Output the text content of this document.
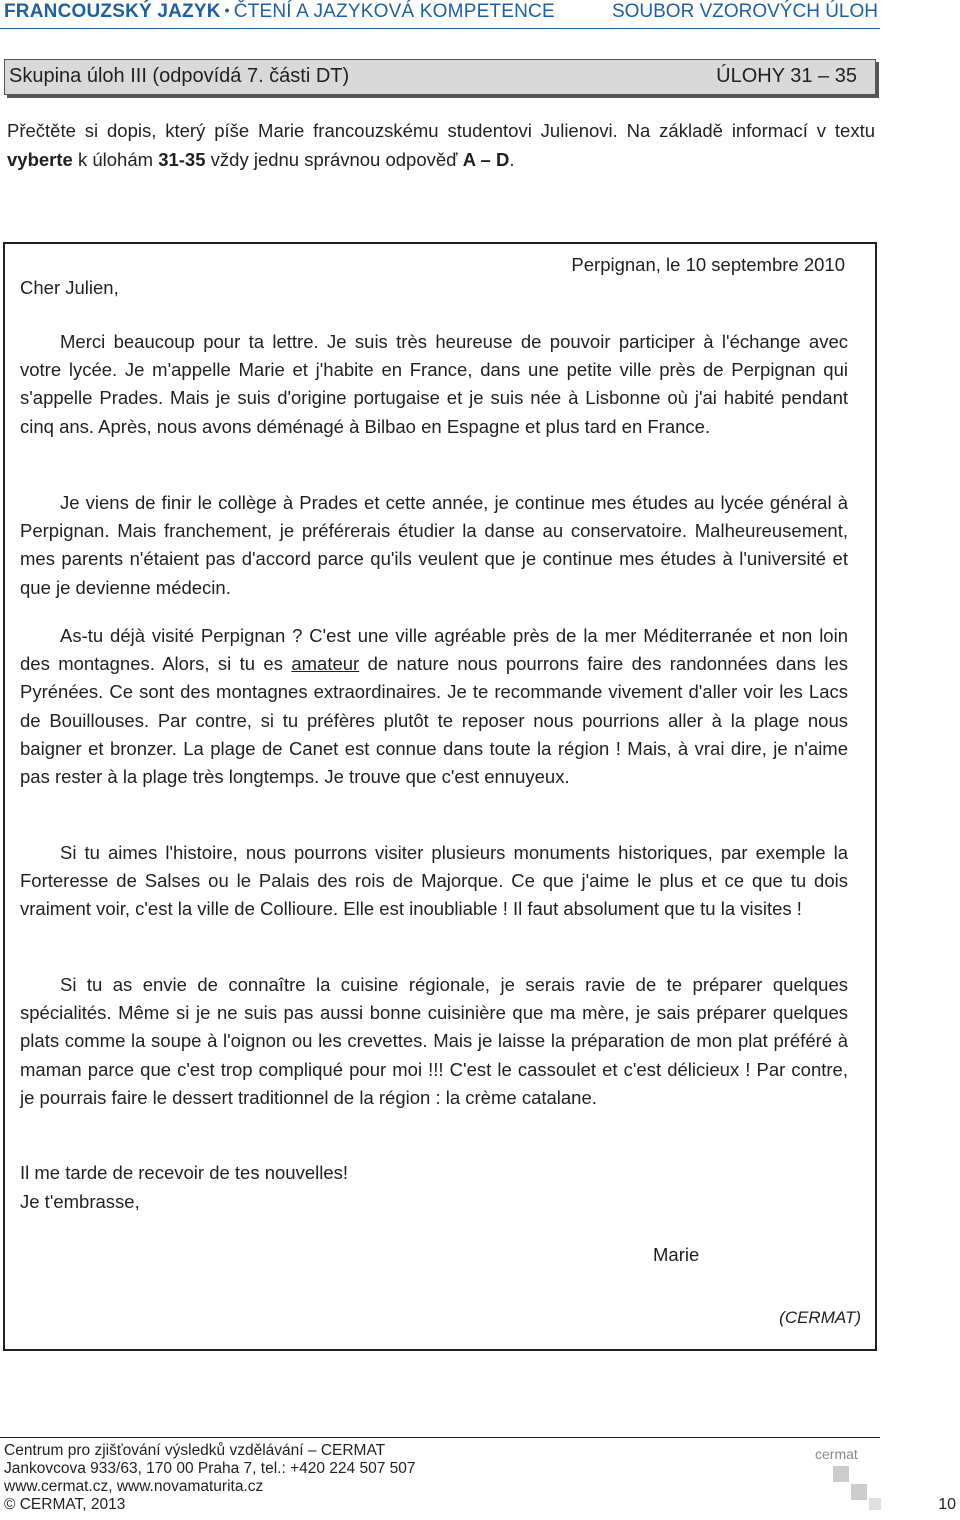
FRANCOUZSKÝ JAZYK • ČTENÍ A JAZYKOVÁ KOMPETENCE	SOUBOR VZOROVÝCH ÚLOH
Skupina úloh III (odpovídá 7. části DT)	ÚLOHY 31 – 35
Přečtěte si dopis, který píše Marie francouzskému studentovi Julienovi. Na základě informací v textu vyberte k úlohám 31-35 vždy jednu správnou odpověď A – D.
Perpignan, le 10 septembre 2010
Cher Julien,
Merci beaucoup pour ta lettre. Je suis très heureuse de pouvoir participer à l'échange avec votre lycée. Je m'appelle Marie et j'habite en France, dans une petite ville près de Perpignan qui s'appelle Prades. Mais je suis d'origine portugaise et je suis née à Lisbonne où j'ai habité pendant cinq ans. Après, nous avons déménagé à Bilbao en Espagne et plus tard en France.
Je viens de finir le collège à Prades et cette année, je continue mes études au lycée général à Perpignan. Mais franchement, je préférerais étudier la danse au conservatoire. Malheureusement, mes parents n'étaient pas d'accord parce qu'ils veulent que je continue mes études à l'université et que je devienne médecin.
As-tu déjà visité Perpignan ? C'est une ville agréable près de la mer Méditerranée et non loin des montagnes. Alors, si tu es amateur de nature nous pourrons faire des randonnées dans les Pyrénées. Ce sont des montagnes extraordinaires. Je te recommande vivement d'aller voir les Lacs de Bouillouses. Par contre, si tu préfères plutôt te reposer nous pourrions aller à la plage nous baigner et bronzer. La plage de Canet est connue dans toute la région ! Mais, à vrai dire, je n'aime pas rester à la plage très longtemps. Je trouve que c'est ennuyeux.
Si tu aimes l'histoire, nous pourrons visiter plusieurs monuments historiques, par exemple la Forteresse de Salses ou le Palais des rois de Majorque. Ce que j'aime le plus et ce que tu dois vraiment voir, c'est la ville de Collioure. Elle est inoubliable ! Il faut absolument que tu la visites !
Si tu as envie de connaître la cuisine régionale, je serais ravie de te préparer quelques spécialités. Même si je ne suis pas aussi bonne cuisinière que ma mère, je sais préparer quelques plats comme la soupe à l'oignon ou les crevettes. Mais je laisse la préparation de mon plat préféré à maman parce que c'est trop compliqué pour moi !!! C'est le cassoulet et c'est délicieux ! Par contre, je pourrais faire le dessert traditionnel de la région : la crème catalane.
Il me tarde de recevoir de tes nouvelles!
Je t'embrasse,
Marie
(CERMAT)
Centrum pro zjišťování výsledků vzdělávání – CERMAT
Jankovcova 933/63, 170 00 Praha 7, tel.: +420 224 507 507
www.cermat.cz, www.novamaturita.cz
© CERMAT, 2013
cermat
10
